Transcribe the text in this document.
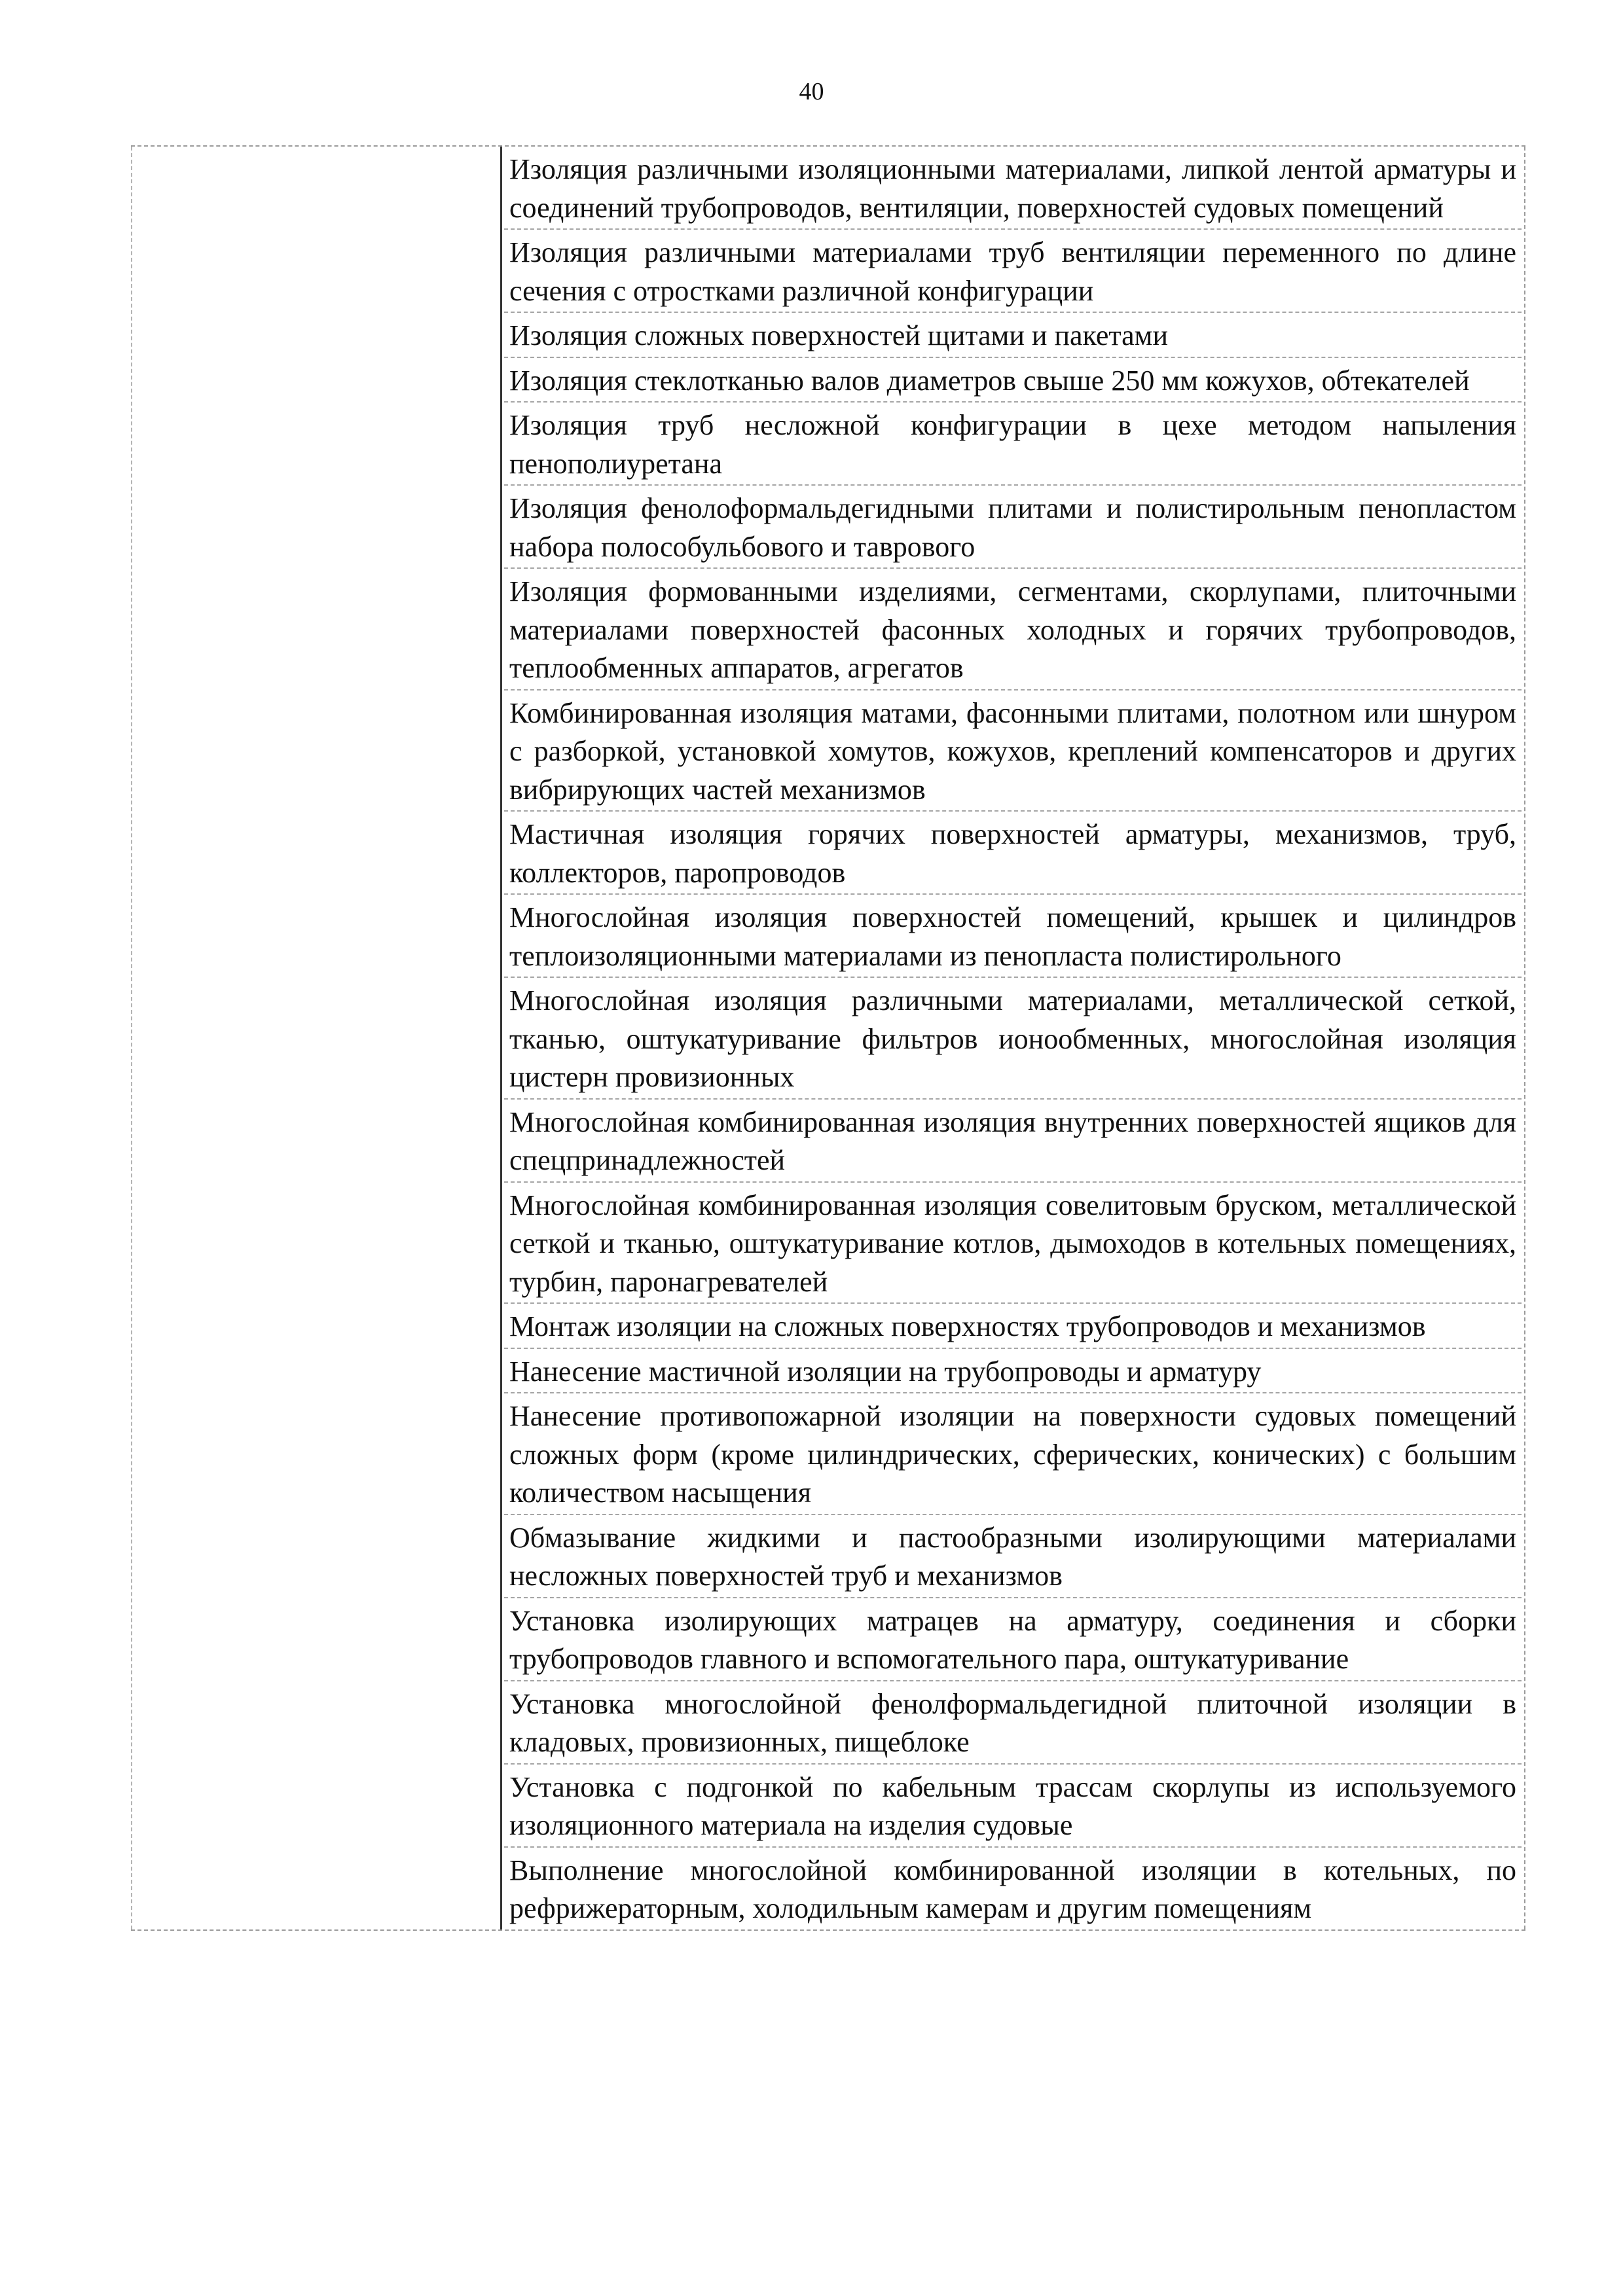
40
Изоляция различными изоляционными материалами, липкой лентой арматуры и соединений трубопроводов, вентиляции, поверхностей судовых помещений
Изоляция различными материалами труб вентиляции переменного по длине сечения с отростками различной конфигурации
Изоляция сложных поверхностей щитами и пакетами
Изоляция стеклотканью валов диаметров свыше 250 мм кожухов, обтекателей
Изоляция труб несложной конфигурации в цехе методом напыления пенополиуретана
Изоляция фенолоформальдегидными плитами и полистирольным пенопластом набора полособульбового и таврового
Изоляция формованными изделиями, сегментами, скорлупами, плиточными материалами поверхностей фасонных холодных и горячих трубопроводов, теплообменных аппаратов, агрегатов
Комбинированная изоляция матами, фасонными плитами, полотном или шнуром с разборкой, установкой хомутов, кожухов, креплений компенсаторов и других вибрирующих частей механизмов
Мастичная изоляция горячих поверхностей арматуры, механизмов, труб, коллекторов, паропроводов
Многослойная изоляция поверхностей помещений, крышек и цилиндров теплоизоляционными материалами из пенопласта полистирольного
Многослойная изоляция различными материалами, металлической сеткой, тканью, оштукатуривание фильтров ионообменных, многослойная изоляция цистерн провизионных
Многослойная комбинированная изоляция внутренних поверхностей ящиков для спецпринадлежностей
Многослойная комбинированная изоляция совелитовым бруском, металлической сеткой и тканью, оштукатуривание котлов, дымоходов в котельных помещениях, турбин, паронагревателей
Монтаж изоляции на сложных поверхностях трубопроводов и механизмов
Нанесение мастичной изоляции на трубопроводы и арматуру
Нанесение противопожарной изоляции на поверхности судовых помещений сложных форм (кроме цилиндрических, сферических, конических) с большим количеством насыщения
Обмазывание жидкими и пастообразными изолирующими материалами несложных поверхностей труб и механизмов
Установка изолирующих матрацев на арматуру, соединения и сборки трубопроводов главного и вспомогательного пара, оштукатуривание
Установка многослойной фенолформальдегидной плиточной изоляции в кладовых, провизионных, пищеблоке
Установка с подгонкой по кабельным трассам скорлупы из используемого изоляционного материала на изделия судовые
Выполнение многослойной комбинированной изоляции в котельных, по рефрижераторным, холодильным камерам и другим помещениям
